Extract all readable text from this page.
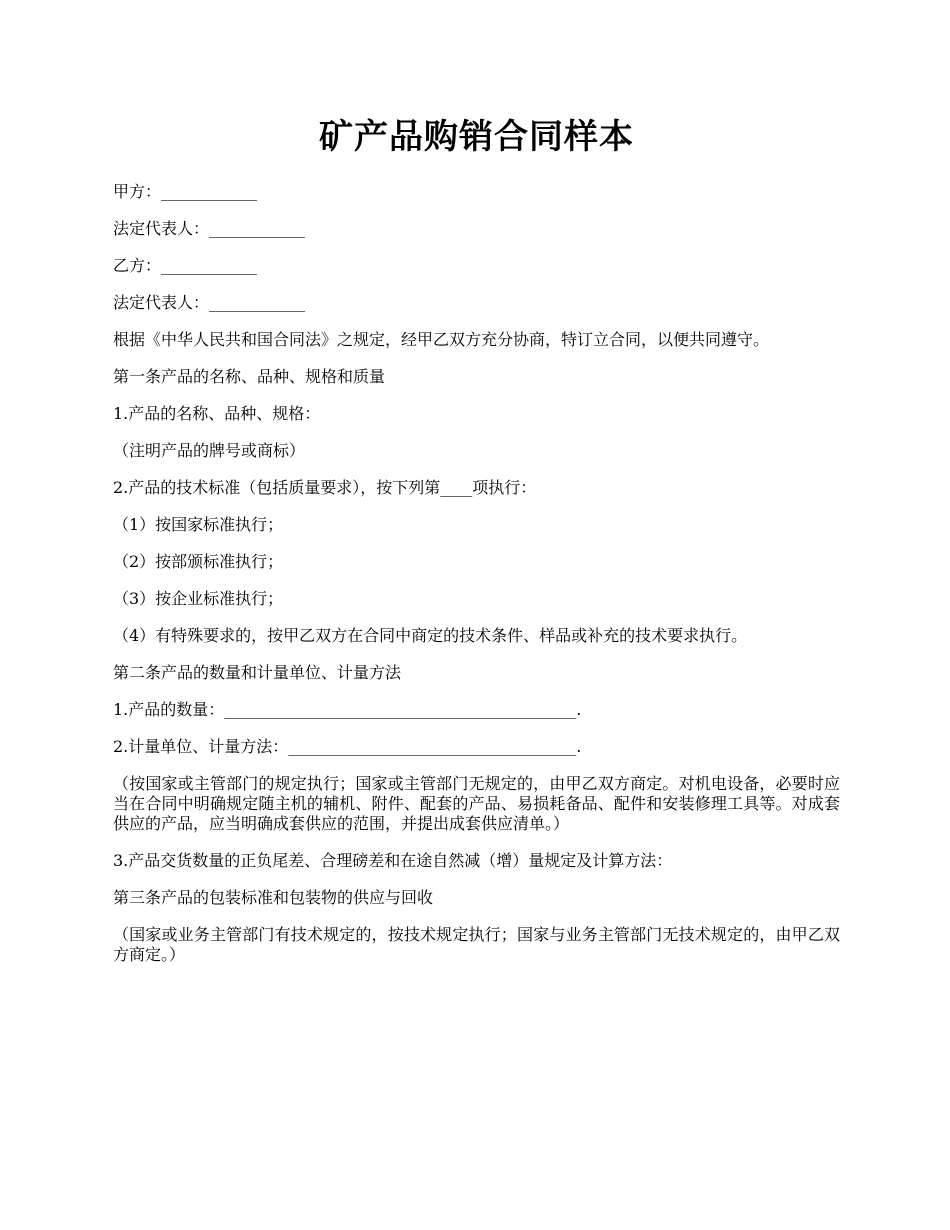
矿产品购销合同样本

甲方：____________

法定代表人：____________

乙方：____________

法定代表人：____________

根据《中华人民共和国合同法》之规定，经甲乙双方充分协商，特订立合同，以便共同遵守。

第一条产品的名称、品种、规格和质量

1.产品的名称、品种、规格：

（注明产品的牌号或商标）

2.产品的技术标准（包括质量要求），按下列第____项执行：

（1）按国家标准执行；

（2）按部颁标准执行；

（3）按企业标准执行；

（4）有特殊要求的，按甲乙双方在合同中商定的技术条件、样品或补充的技术要求执行。

第二条产品的数量和计量单位、计量方法

1.产品的数量：____________________________________________.

2.计量单位、计量方法：____________________________________.

（按国家或主管部门的规定执行；国家或主管部门无规定的，由甲乙双方商定。对机电设备，必要时应当在合同中明确规定随主机的辅机、附件、配套的产品、易损耗备品、配件和安装修理工具等。对成套供应的产品，应当明确成套供应的范围，并提出成套供应清单。）

3.产品交货数量的正负尾差、合理磅差和在途自然减（增）量规定及计算方法：

第三条产品的包装标准和包装物的供应与回收

（国家或业务主管部门有技术规定的，按技术规定执行；国家与业务主管部门无技术规定的，由甲乙双方商定。）
